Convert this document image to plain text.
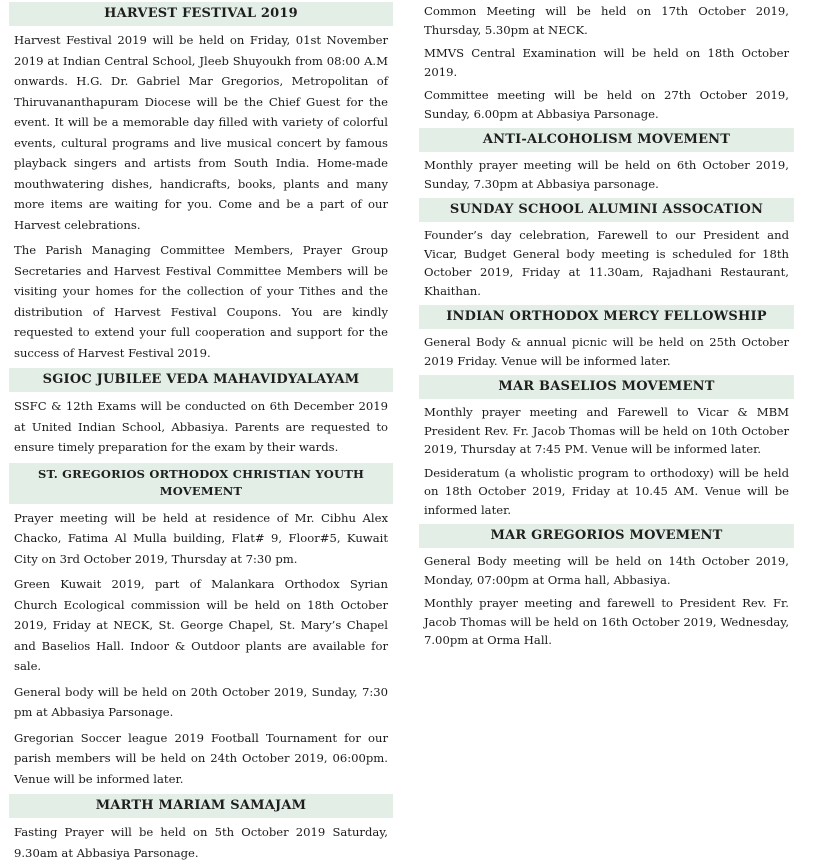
HARVEST FESTIVAL 2019

Harvest Festival 2019 will be held on Friday, 01st November 2019 at Indian Central School, Jleeb Shuyoukh from 08:00 A.M onwards. H.G. Dr. Gabriel Mar Gregorios, Metropolitan of Thiruvananthapuram Diocese will be the Chief Guest for the event. It will be a memorable day filled with variety of colorful events, cultural programs and live musical concert by famous playback singers and artists from South India. Home-made mouthwatering dishes, handicrafts, books, plants and many more items are waiting for you. Come and be a part of our Harvest celebrations.

The Parish Managing Committee Members, Prayer Group Secretaries and Harvest Festival Committee Members will be visiting your homes for the collection of your Tithes and the distribution of Harvest Festival Coupons. You are kindly requested to extend your full cooperation and support for the success of Harvest Festival 2019.

SGIOC JUBILEE VEDA MAHAVIDYALAYAM

SSFC & 12th Exams will be conducted on 6th December 2019 at United Indian School, Abbasiya. Parents are requested to ensure timely preparation for the exam by their wards.

ST. GREGORIOS ORTHODOX CHRISTIAN YOUTH MOVEMENT

Prayer meeting will be held at residence of Mr. Cibhu Alex Chacko, Fatima Al Mulla building, Flat# 9, Floor#5, Kuwait City on 3rd October 2019, Thursday at 7:30 pm.

Green Kuwait 2019, part of Malankara Orthodox Syrian Church Ecological commission will be held on 18th October 2019, Friday at NECK, St. George Chapel, St. Mary’s Chapel and Baselios Hall. Indoor & Outdoor plants are available for sale.

General body will be held on 20th October 2019, Sunday, 7:30 pm at Abbasiya Parsonage.

Gregorian Soccer league 2019 Football Tournament for our parish members will be held on 24th October 2019, 06:00pm. Venue will be informed later.

MARTH MARIAM SAMAJAM

Fasting Prayer will be held on 5th October 2019 Saturday, 9.30am at Abbasiya Parsonage.

Common Meeting will be held on 17th October 2019, Thursday, 5.30pm at NECK.

MMVS Central Examination will be held on 18th October 2019.

Committee meeting will be held on 27th October 2019, Sunday, 6.00pm at Abbasiya Parsonage.

ANTI-ALCOHOLISM MOVEMENT

Monthly prayer meeting will be held on 6th October 2019, Sunday, 7.30pm at Abbasiya parsonage.

SUNDAY SCHOOL ALUMINI ASSOCATION

Founder’s day celebration, Farewell to our President and Vicar, Budget General body meeting is scheduled for 18th October 2019, Friday at 11.30am, Rajadhani Restaurant, Khaithan.

INDIAN ORTHODOX MERCY FELLOWSHIP

General Body & annual picnic will be held on 25th October 2019 Friday. Venue will be informed later.

MAR BASELIOS MOVEMENT

Monthly prayer meeting and Farewell to Vicar & MBM President Rev. Fr. Jacob Thomas will be held on 10th October 2019, Thursday at 7:45 PM. Venue will be informed later.

Desideratum (a wholistic program to orthodoxy) will be held on 18th October 2019, Friday at 10.45 AM. Venue will be informed later.

MAR GREGORIOS MOVEMENT

General Body meeting will be held on 14th October 2019, Monday, 07:00pm at Orma hall, Abbasiya.

Monthly prayer meeting and farewell to President Rev. Fr. Jacob Thomas will be held on 16th October 2019, Wednesday, 7.00pm at Orma Hall.
